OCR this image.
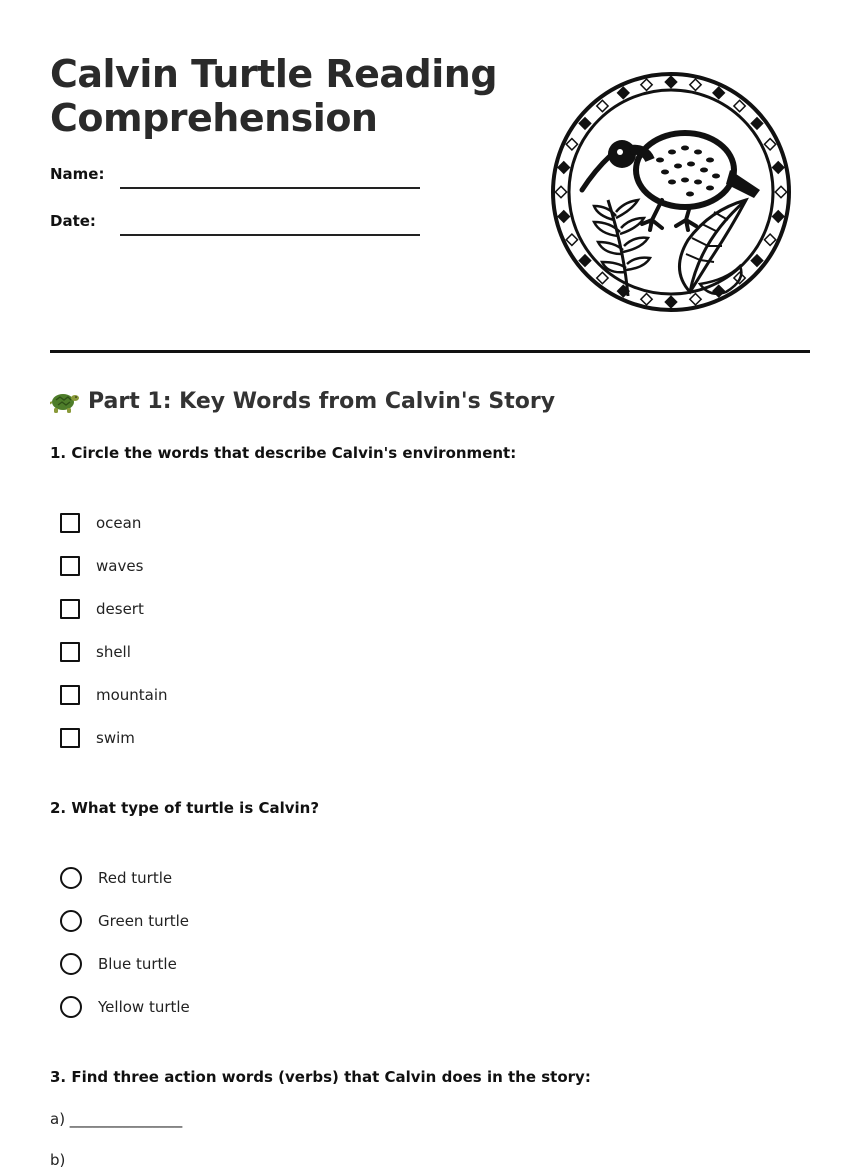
Calvin Turtle Reading Comprehension
Name:
Date:
Part 1: Key Words from Calvin's Story
1. Circle the words that describe Calvin's environment:
ocean
waves
desert
shell
mountain
swim
2. What type of turtle is Calvin?
Red turtle
Green turtle
Blue turtle
Yellow turtle
3. Find three action words (verbs) that Calvin does in the story:
a) _______________
b)
